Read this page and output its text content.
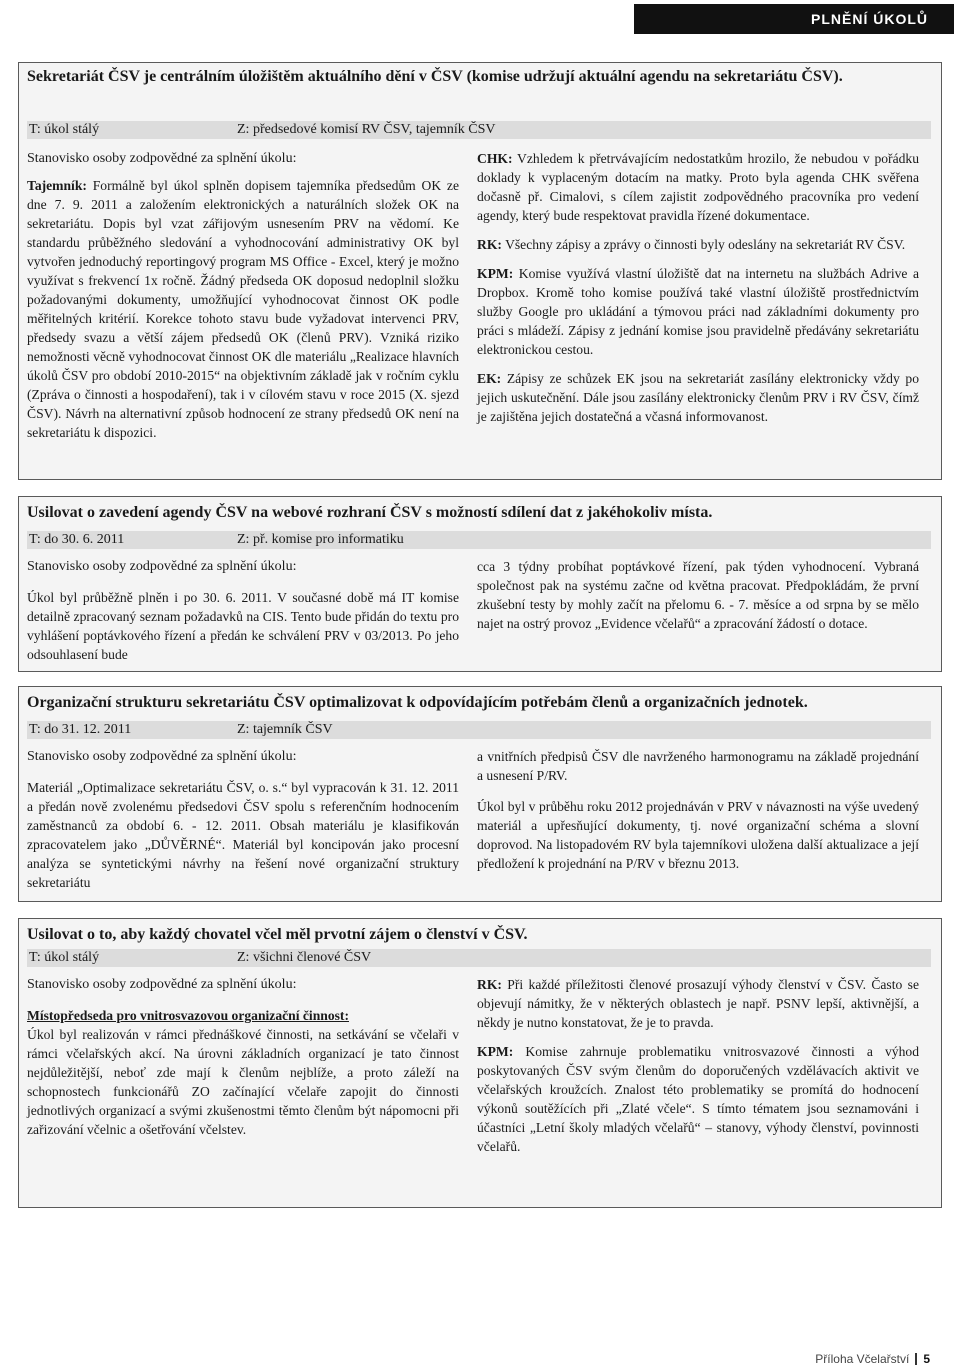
PLNĚNÍ ÚKOLŮ
Sekretariát ČSV je centrálním úložištěm aktuálního dění v ČSV (komise udržují aktuální agendu na sekretariátu ČSV).
T: úkol stálý	Z: předsedové komisí RV ČSV, tajemník ČSV
Stanovisko osoby zodpovědné za splnění úkolu:

Tajemník: Formálně byl úkol splněn dopisem tajemníka předsedům OK ze dne 7. 9. 2011 a založením elektronických a naturálních složek OK na sekretariátu. Dopis byl vzat zářijovým usnesením PRV na vědomí. Ke standardu průběžného sledování a vyhodnocování administrativy OK byl vytvořen jednoduchý reportingový program MS Office - Excel, který je možno využívat s frekvencí 1x ročně. Žádný předseda OK doposud nedoplnil složku požadovanými dokumenty, umožňující vyhodnocovat činnost OK podle měřitelných kritérií. Korekce tohoto stavu bude vyžadovat intervenci PRV, předsedy svazu a větší zájem předsedů OK (členů PRV). Vzniká riziko nemožnosti věcně vyhodnocovat činnost OK dle materiálu „Realizace hlavních úkolů ČSV pro období 2010-2015“ na objektivním základě jak v ročním cyklu (Zpráva o činnosti a hospodaření), tak i v cílovém stavu v roce 2015 (X. sjezd ČSV). Návrh na alternativní způsob hodnocení ze strany předsedů OK není na sekretariátu k dispozici.

CHK: Vzhledem k přetrvávajícím nedostatkům hrozilo, že nebudou v pořádku doklady k vyplaceným dotacím na matky. Proto byla agenda CHK svěřena dočasně př. Cimalovi, s cílem zajistit zodpovědného pracovníka pro vedení agendy, který bude respektovat pravidla řízené dokumentace.

RK: Všechny zápisy a zprávy o činnosti byly odeslány na sekretariát RV ČSV.

KPM: Komise využívá vlastní úložiště dat na internetu na službách Adrive a Dropbox. Kromě toho komise používá také vlastní úložiště prostřednictvím služby Google pro ukládání a týmovou práci nad základními dokumenty pro práci s mládeží. Zápisy z jednání komise jsou pravidelně předávány sekretariátu elektronickou cestou.

EK: Zápisy ze schůzek EK jsou na sekretariát zasílány elektronicky vždy po jejich uskutečnění. Dále jsou zasílány elektronicky členům PRV i RV ČSV, čímž je zajištěna jejich dostatečná a včasná informovanost.

Usilovat o zavedení agendy ČSV na webové rozhraní ČSV s možností sdílení dat z jakéhokoliv místa.
T: do 30. 6. 2011	Z: př. komise pro informatiku
Stanovisko osoby zodpovědné za splnění úkolu:

Úkol byl průběžně plněn i po 30. 6. 2011. V současné době má IT komise detailně zpracovaný seznam požadavků na CIS. Tento bude přidán do textu pro vyhlášení poptávkového řízení a předán ke schválení PRV v 03/2013. Po jeho odsouhlasení bude

cca 3 týdny probíhat poptávkové řízení, pak týden vyhodnocení. Vybraná společnost pak na systému začne od května pracovat. Předpokládám, že první zkušební testy by mohly začít na přelomu 6. - 7. měsíce a od srpna by se mělo najet na ostrý provoz „Evidence včelařů“ a zpracování žádostí o dotace.

Organizační strukturu sekretariátu ČSV optimalizovat k odpovídajícím potřebám členů a organizačních jednotek.
T: do 31. 12. 2011	Z: tajemník ČSV
Stanovisko osoby zodpovědné za splnění úkolu:

Materiál „Optimalizace sekretariátu ČSV, o. s.“ byl vypracován k 31. 12. 2011 a předán nově zvolenému předsedovi ČSV spolu s referenčním hodnocením zaměstnanců za období 6. - 12. 2011. Obsah materiálu je klasifikován zpracovatelem jako „DŮVĚRNÉ“. Materiál byl koncipován jako procesní analýza se syntetickými návrhy na řešení nové organizační struktury sekretariátu

a vnitřních předpisů ČSV dle navrženého harmonogramu na základě projednání a usnesení P/RV.

Úkol byl v průběhu roku 2012 projednáván v PRV v návaznosti na výše uvedený materiál a upřesňující dokumenty, tj. nové organizační schéma a slovní doprovod. Na listopadovém RV byla tajemníkovi uložena další aktualizace a její předložení k projednání na P/RV v březnu 2013.

Usilovat o to, aby každý chovatel včel měl prvotní zájem o členství v ČSV.
T: úkol stálý	Z: všichni členové ČSV
Stanovisko osoby zodpovědné za splnění úkolu:
Místopředseda pro vnitrosvazovou organizační činnost:

Úkol byl realizován v rámci přednáškové činnosti, na setkávání se včelaři v rámci včelařských akcí. Na úrovni základních organizací je tato činnost nejdůležitější, neboť zde mají k členům nejblíže, a proto záleží na schopnostech funkcionářů ZO začínající včelaře zapojit do činnosti jednotlivých organizací a svými zkušenostmi těmto členům být nápomocni při zařizování včelnic a ošetřování včelstev.

RK: Při každé příležitosti členové prosazují výhody členství v ČSV. Často se objevují námitky, že v některých oblastech je např. PSNV lepší, aktivnější, a někdy je nutno konstatovat, že je to pravda.

KPM: Komise zahrnuje problematiku vnitrosvazové činnosti a výhod poskytovaných ČSV svým členům do doporučených vzdělávacích aktivit ve včelařských kroužcích. Znalost této problematiky se promítá do hodnocení výkonů soutěžících při „Zlaté včele“. S tímto tématem jsou seznamováni i účastníci „Letní školy mladých včelařů“ – stanovy, výhody členství, povinnosti včelařů.

Příloha Včelařství 5
